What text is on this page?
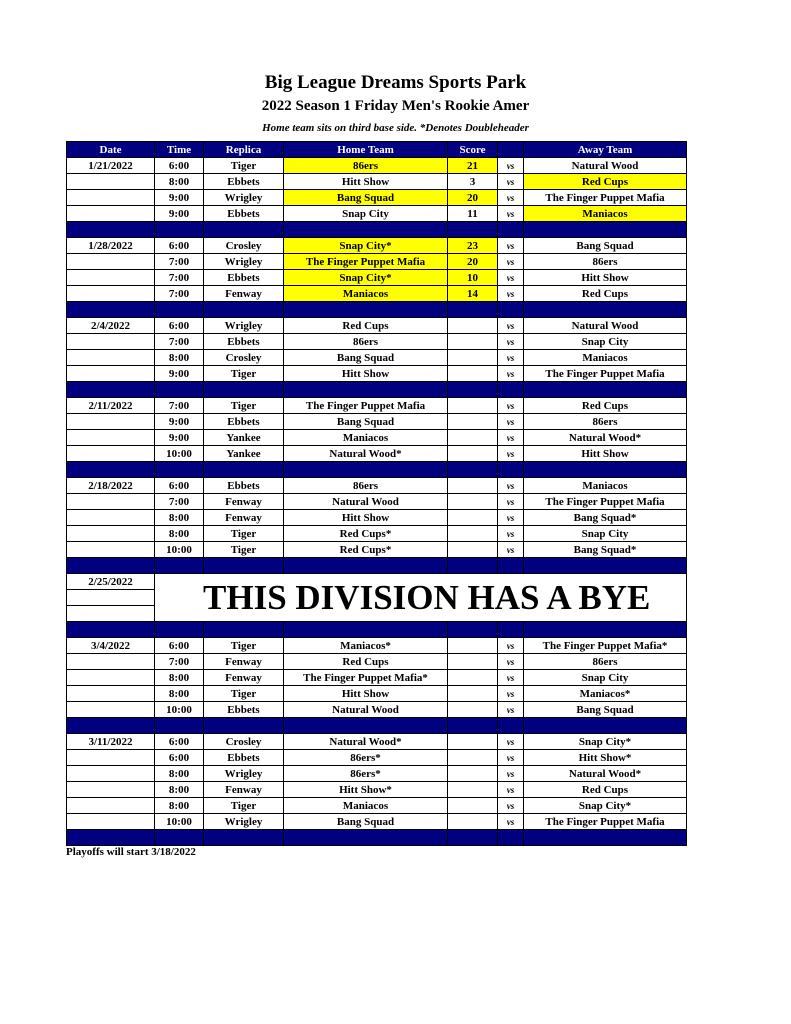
Big League Dreams Sports Park
2022 Season 1 Friday Men's Rookie Amer
Home team sits on third base side. *Denotes Doubleheader
Date	Time	Replica	Home Team	Score		Away Team
1/21/2022	6:00	Tiger	86ers	21	vs	Natural Wood
	8:00	Ebbets	Hitt Show	3	vs	Red Cups
	9:00	Wrigley	Bang Squad	20	vs	The Finger Puppet Mafia
	9:00	Ebbets	Snap City	11	vs	Maniacos

1/28/2022	6:00	Crosley	Snap City*	23	vs	Bang Squad
	7:00	Wrigley	The Finger Puppet Mafia	20	vs	86ers
	7:00	Ebbets	Snap City*	10	vs	Hitt Show
	7:00	Fenway	Maniacos	14	vs	Red Cups

2/4/2022	6:00	Wrigley	Red Cups		vs	Natural Wood
	7:00	Ebbets	86ers		vs	Snap City
	8:00	Crosley	Bang Squad		vs	Maniacos
	9:00	Tiger	Hitt Show		vs	The Finger Puppet Mafia

2/11/2022	7:00	Tiger	The Finger Puppet Mafia		vs	Red Cups
	9:00	Ebbets	Bang Squad		vs	86ers
	9:00	Yankee	Maniacos		vs	Natural Wood*
	10:00	Yankee	Natural Wood*		vs	Hitt Show

2/18/2022	6:00	Ebbets	86ers		vs	Maniacos
	7:00	Fenway	Natural Wood		vs	The Finger Puppet Mafia
	8:00	Fenway	Hitt Show		vs	Bang Squad*
	8:00	Tiger	Red Cups*		vs	Snap City
	10:00	Tiger	Red Cups*		vs	Bang Squad*

2/25/2022	THIS DIVISION HAS A BYE					

3/4/2022	6:00	Tiger	Maniacos*		vs	The Finger Puppet Mafia*
	7:00	Fenway	Red Cups		vs	86ers
	8:00	Fenway	The Finger Puppet Mafia*		vs	Snap City
	8:00	Tiger	Hitt Show		vs	Maniacos*
	10:00	Ebbets	Natural Wood		vs	Bang Squad

3/11/2022	6:00	Crosley	Natural Wood*		vs	Snap City*
	6:00	Ebbets	86ers*		vs	Hitt Show*
	8:00	Wrigley	86ers*		vs	Natural Wood*
	8:00	Fenway	Hitt Show*		vs	Red Cups
	8:00	Tiger	Maniacos		vs	Snap City*
	10:00	Wrigley	Bang Squad		vs	The Finger Puppet Mafia

Playoffs will start 3/18/2022
